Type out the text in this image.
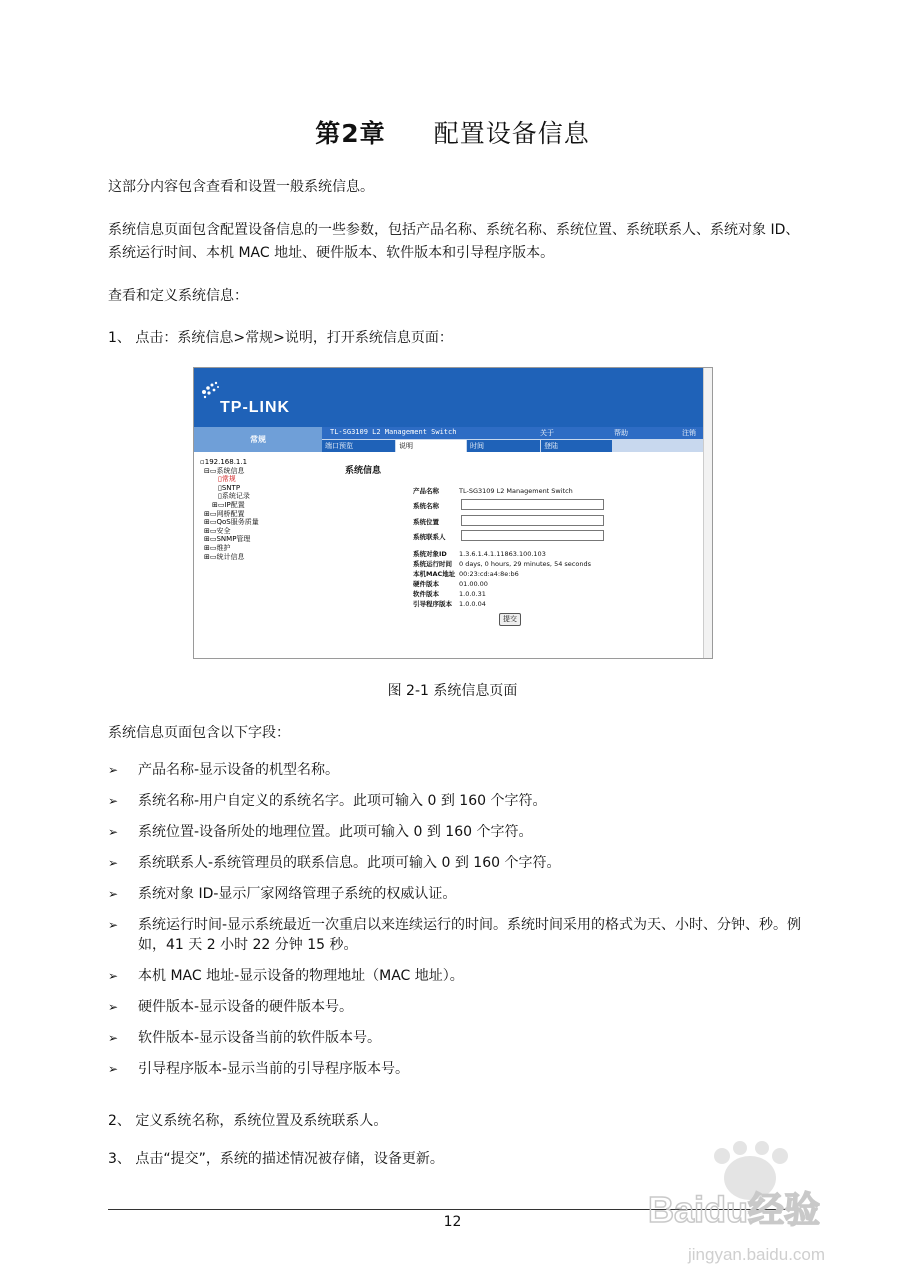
第2章 配置设备信息
这部分内容包含查看和设置一般系统信息。
系统信息页面包含配置设备信息的一些参数，包括产品名称、系统名称、系统位置、系统联系人、系统对象 ID、系统运行时间、本机 MAC 地址、硬件版本、软件版本和引导程序版本。
查看和定义系统信息：
1、 点击：系统信息>常规>说明，打开系统信息页面：
TP-LINK
常规
TL-SG3109 L2 Management Switch	关于	帮助	注销
端口预览	说明	时间	登陆
▫192.168.1.1
⊟▭系统信息
▯常规
▯SNTP
▯系统记录
⊞▭IP配置
⊞▭网桥配置
⊞▭QoS服务质量
⊞▭安全
⊞▭SNMP管理
⊞▭维护
⊞▭统计信息
系统信息
产品名称	TL-SG3109 L2 Management Switch
系统名称
系统位置
系统联系人
系统对象ID 1.3.6.1.4.1.11863.100.103
系统运行时间 0 days, 0 hours, 29 minutes, 54 seconds
本机MAC地址 00:23:cd:a4:8e:b6
硬件版本	01.00.00
软件版本	1.0.0.31
引导程序版本 1.0.0.04
提交
图 2-1 系统信息页面
系统信息页面包含以下字段：
➢ 产品名称-显示设备的机型名称。
➢ 系统名称-用户自定义的系统名字。此项可输入 0 到 160 个字符。
➢ 系统位置-设备所处的地理位置。此项可输入 0 到 160 个字符。
➢ 系统联系人-系统管理员的联系信息。此项可输入 0 到 160 个字符。
➢ 系统对象 ID-显示厂家网络管理子系统的权威认证。
➢ 系统运行时间-显示系统最近一次重启以来连续运行的时间。系统时间采用的格式为天、小时、分钟、秒。例如，41 天 2 小时 22 分钟 15 秒。
➢ 本机 MAC 地址-显示设备的物理地址（MAC 地址）。
➢ 硬件版本-显示设备的硬件版本号。
➢ 软件版本-显示设备当前的软件版本号。
➢ 引导程序版本-显示当前的引导程序版本号。
2、 定义系统名称，系统位置及系统联系人。
3、 点击“提交”，系统的描述情况被存储，设备更新。
12	Baidu经验
jingyan.baidu.com
